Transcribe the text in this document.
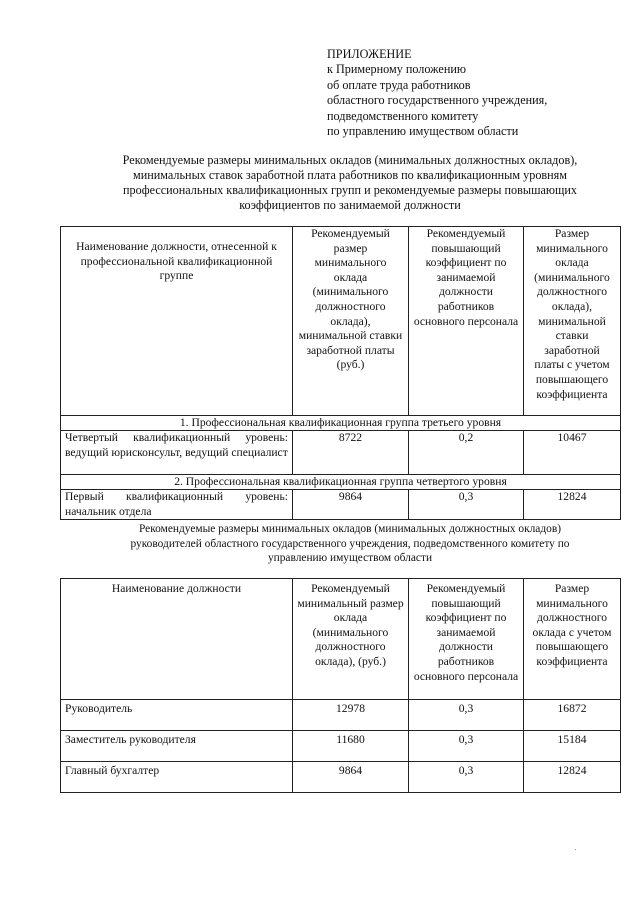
ПРИЛОЖЕНИЕ
к Примерному положению
об оплате труда работников
областного государственного учреждения,
подведомственного комитету
по управлению имуществом области
Рекомендуемые размеры минимальных окладов (минимальных должностных окладов),
минимальных ставок заработной плата работников по квалификационным уровням
профессиональных квалификационных групп и рекомендуемые размеры повышающих
коэффициентов по занимаемой должности
Наименование должности, отнесенной к профессиональной квалификационной группе	Рекомендуемый размер минимального оклада (минимального должностного оклада), минимальной ставки заработной платы (руб.)	Рекомендуемый повышающий коэффициент по занимаемой должности работников основного персонала	Размер минимального оклада (минимального должностного оклада), минимальной ставки заработной платы с учетом повышающего коэффициента
1. Профессиональная квалификационная группа третьего уровня			
Четвертый квалификационный уровень: ведущий юрисконсульт, ведущий специалист	8722	0,2	10467
2. Профессиональная квалификационная группа четвертого уровня			
Первый квалификационный уровень: начальник отдела	9864	0,3	12824
Рекомендуемые размеры минимальных окладов (минимальных должностных окладов)
руководителей областного государственного учреждения, подведомственного комитету по
управлению имуществом области
Наименование должности	Рекомендуемый минимальный размер оклада (минимального должностного оклада), (руб.)	Рекомендуемый повышающий коэффициент по занимаемой должности работников основного персонала	Размер минимального должностного оклада с учетом повышающего коэффициента
Руководитель	12978	0,3	16872
Заместитель руководителя	11680	0,3	15184
Главный бухгалтер	9864	0,3	12824
